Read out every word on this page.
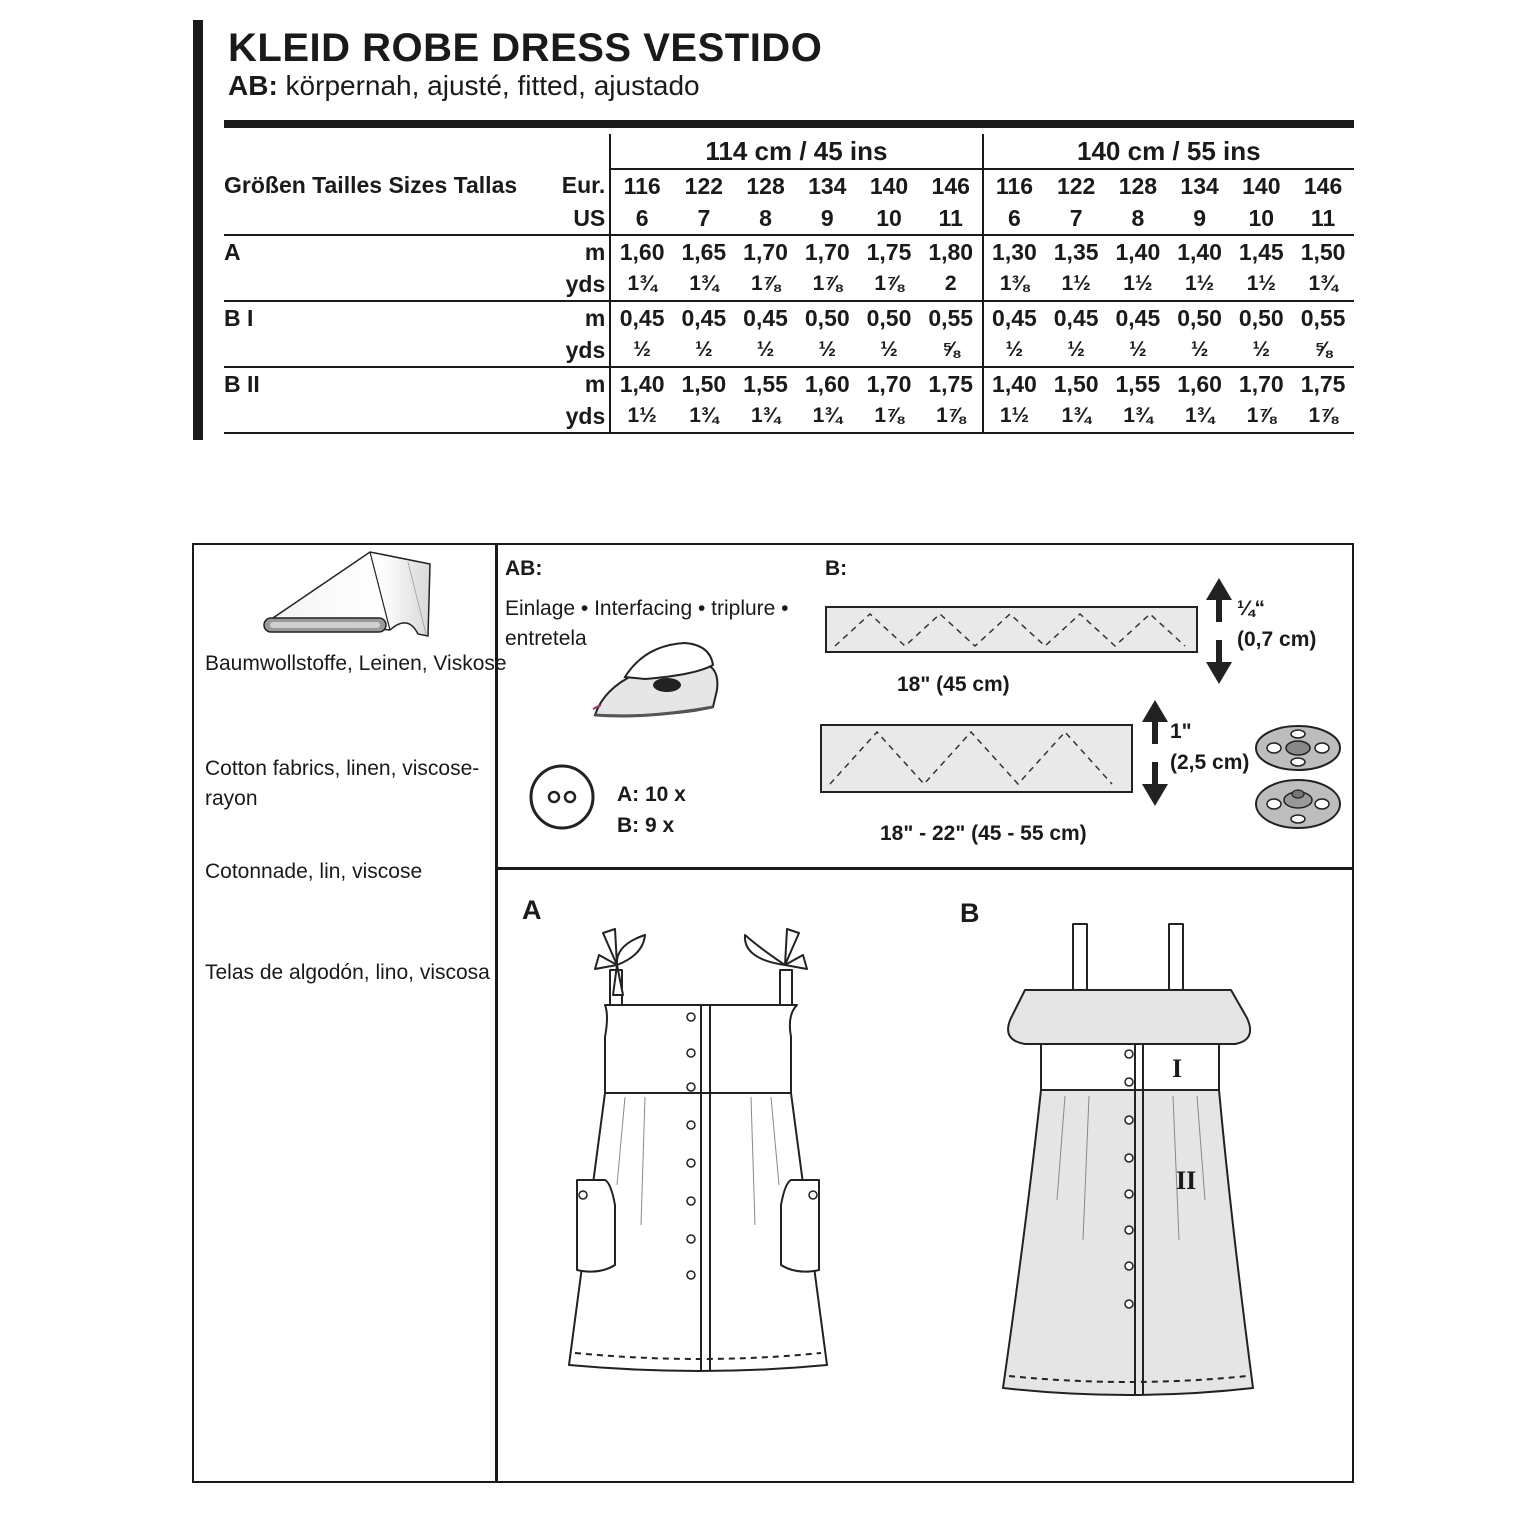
KLEID ROBE DRESS VESTIDO
AB: körpernah, ajusté, fitted, ajustado

		114 cm / 45 ins						140 cm / 55 ins					
Größen Tailles Sizes Tallas	Eur.	116	122	128	134	140	146	116	122	128	134	140	146
	US	6	7	8	9	10	11	6	7	8	9	10	11
A	m	1,60	1,65	1,70	1,70	1,75	1,80	1,30	1,35	1,40	1,40	1,45	1,50
	yds	1¾	1¾	1⅞	1⅞	1⅞	2	1⅜	1½	1½	1½	1½	1¾
B I	m	0,45	0,45	0,45	0,50	0,50	0,55	0,45	0,45	0,45	0,50	0,50	0,55
	yds	½	½	½	½	½	⅝	½	½	½	½	½	⅝
B II	m	1,40	1,50	1,55	1,60	1,70	1,75	1,40	1,50	1,55	1,60	1,70	1,75
	yds	1½	1¾	1¾	1¾	1⅞	1⅞	1½	1¾	1¾	1¾	1⅞	1⅞
Baumwollstoffe, Leinen, Viskose
Cotton fabrics, linen, viscose-
rayon
Cotonnade, lin, viscose
Telas de algodón, lino, viscosa
AB:
Einlage • Interfacing • triplure •
entretela
A: 10 x
B: 9 x
B:
¼“
(0,7 cm)
18" (45 cm)
1"
(2,5 cm)
18" - 22" (45 - 55 cm)
A	B
I
II
